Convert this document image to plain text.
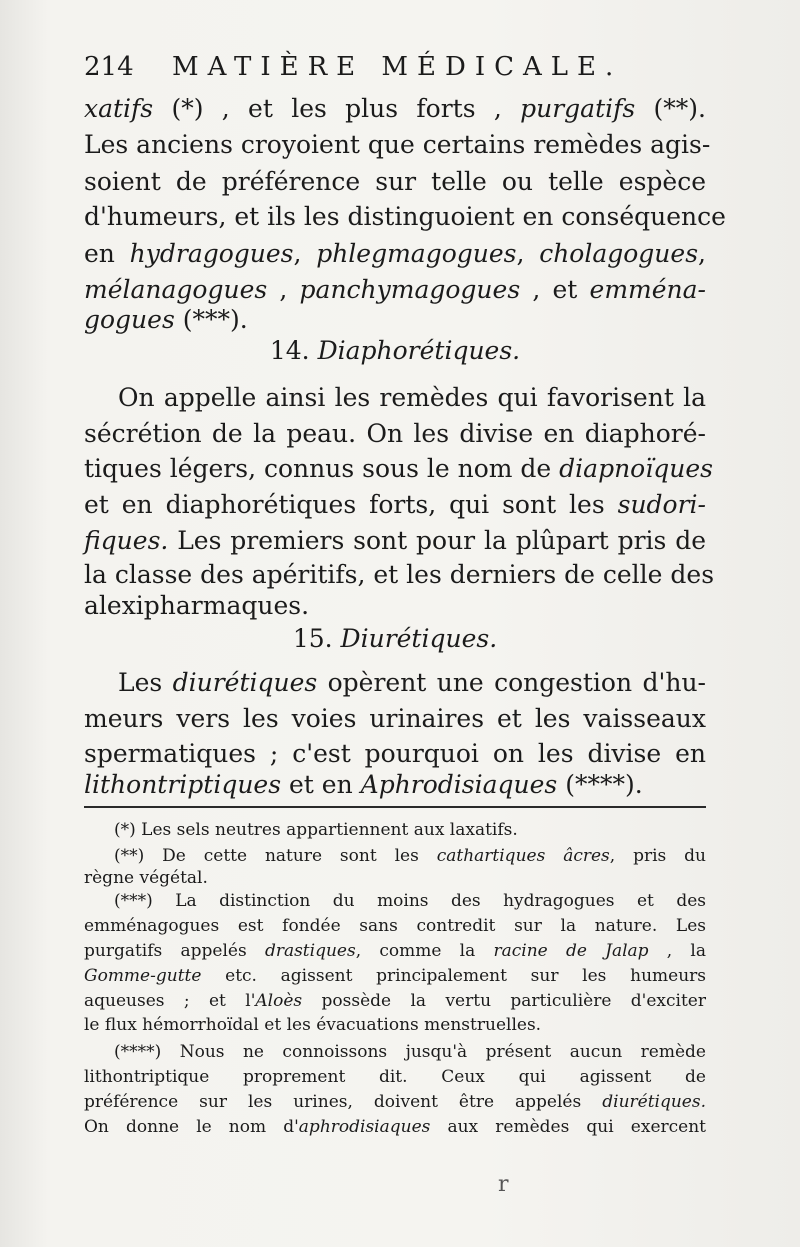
214 MATIÈRE MÉDICALE.
xatifs (*) , et les plus forts , purgatifs (**).
Les anciens croyoient que certains remèdes agis-
soient de préférence sur telle ou telle espèce
d'humeurs, et ils les distinguoient en conséquence
en hydragogues, phlegmagogues, cholagogues,
mélanagogues , panchymagogues , et emména-
gogues (***).
14. Diaphorétiques.
On appelle ainsi les remèdes qui favorisent la
sécrétion de la peau. On les divise en diaphoré-
tiques légers, connus sous le nom de diapnoïques
et en diaphorétiques forts, qui sont les sudori-
fiques. Les premiers sont pour la plûpart pris de
la classe des apéritifs, et les derniers de celle des
alexipharmaques.
15. Diurétiques.
Les diurétiques opèrent une congestion d'hu-
meurs vers les voies urinaires et les vaisseaux
spermatiques ; c'est pourquoi on les divise en
lithontriptiques et en Aphrodisiaques (****).
(*) Les sels neutres appartiennent aux laxatifs.
(**) De cette nature sont les cathartiques âcres, pris du
règne végétal.
(***) La distinction du moins des hydragogues et des
emménagogues est fondée sans contredit sur la nature. Les
purgatifs appelés drastiques, comme la racine de Jalap , la
Gomme-gutte etc. agissent principalement sur les humeurs
aqueuses ; et l'Aloès possède la vertu particulière d'exciter
le flux hémorrhoïdal et les évacuations menstruelles.
(****) Nous ne connoissons jusqu'à présent aucun remède
lithontriptique proprement dit. Ceux qui agissent de
préférence sur les urines, doivent être appelés diurétiques.
On donne le nom d'aphrodisiaques aux remèdes qui exercent
r
